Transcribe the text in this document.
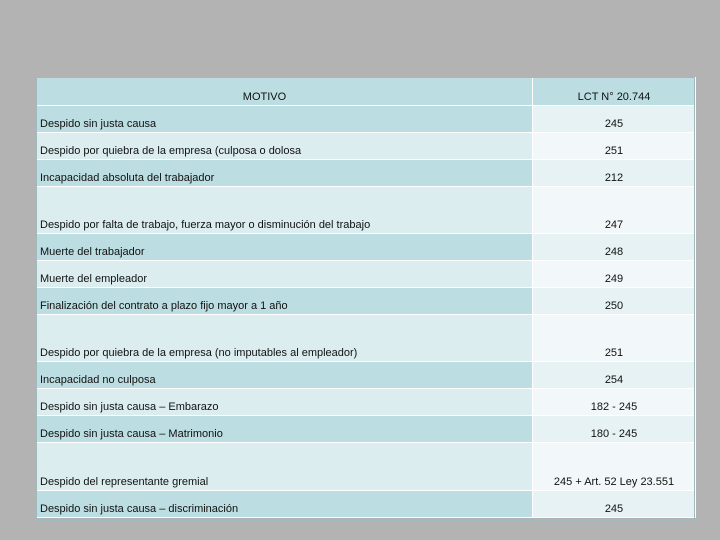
MOTIVO	LCT N° 20.744
Despido sin justa causa	245
Despido por quiebra de la empresa (culposa o dolosa	251
Incapacidad absoluta del trabajador	212
Despido por falta de trabajo, fuerza mayor o disminución del trabajo	247
Muerte del trabajador	248
Muerte del empleador	249
Finalización del contrato a plazo fijo mayor a 1 año	250
Despido por quiebra de la empresa (no imputables al empleador)	251
Incapacidad no culposa	254
Despido sin justa causa – Embarazo	182 - 245
Despido sin justa causa – Matrimonio	180 - 245
Despido del representante gremial	245 + Art. 52 Ley 23.551
Despido sin justa causa – discriminación	245
